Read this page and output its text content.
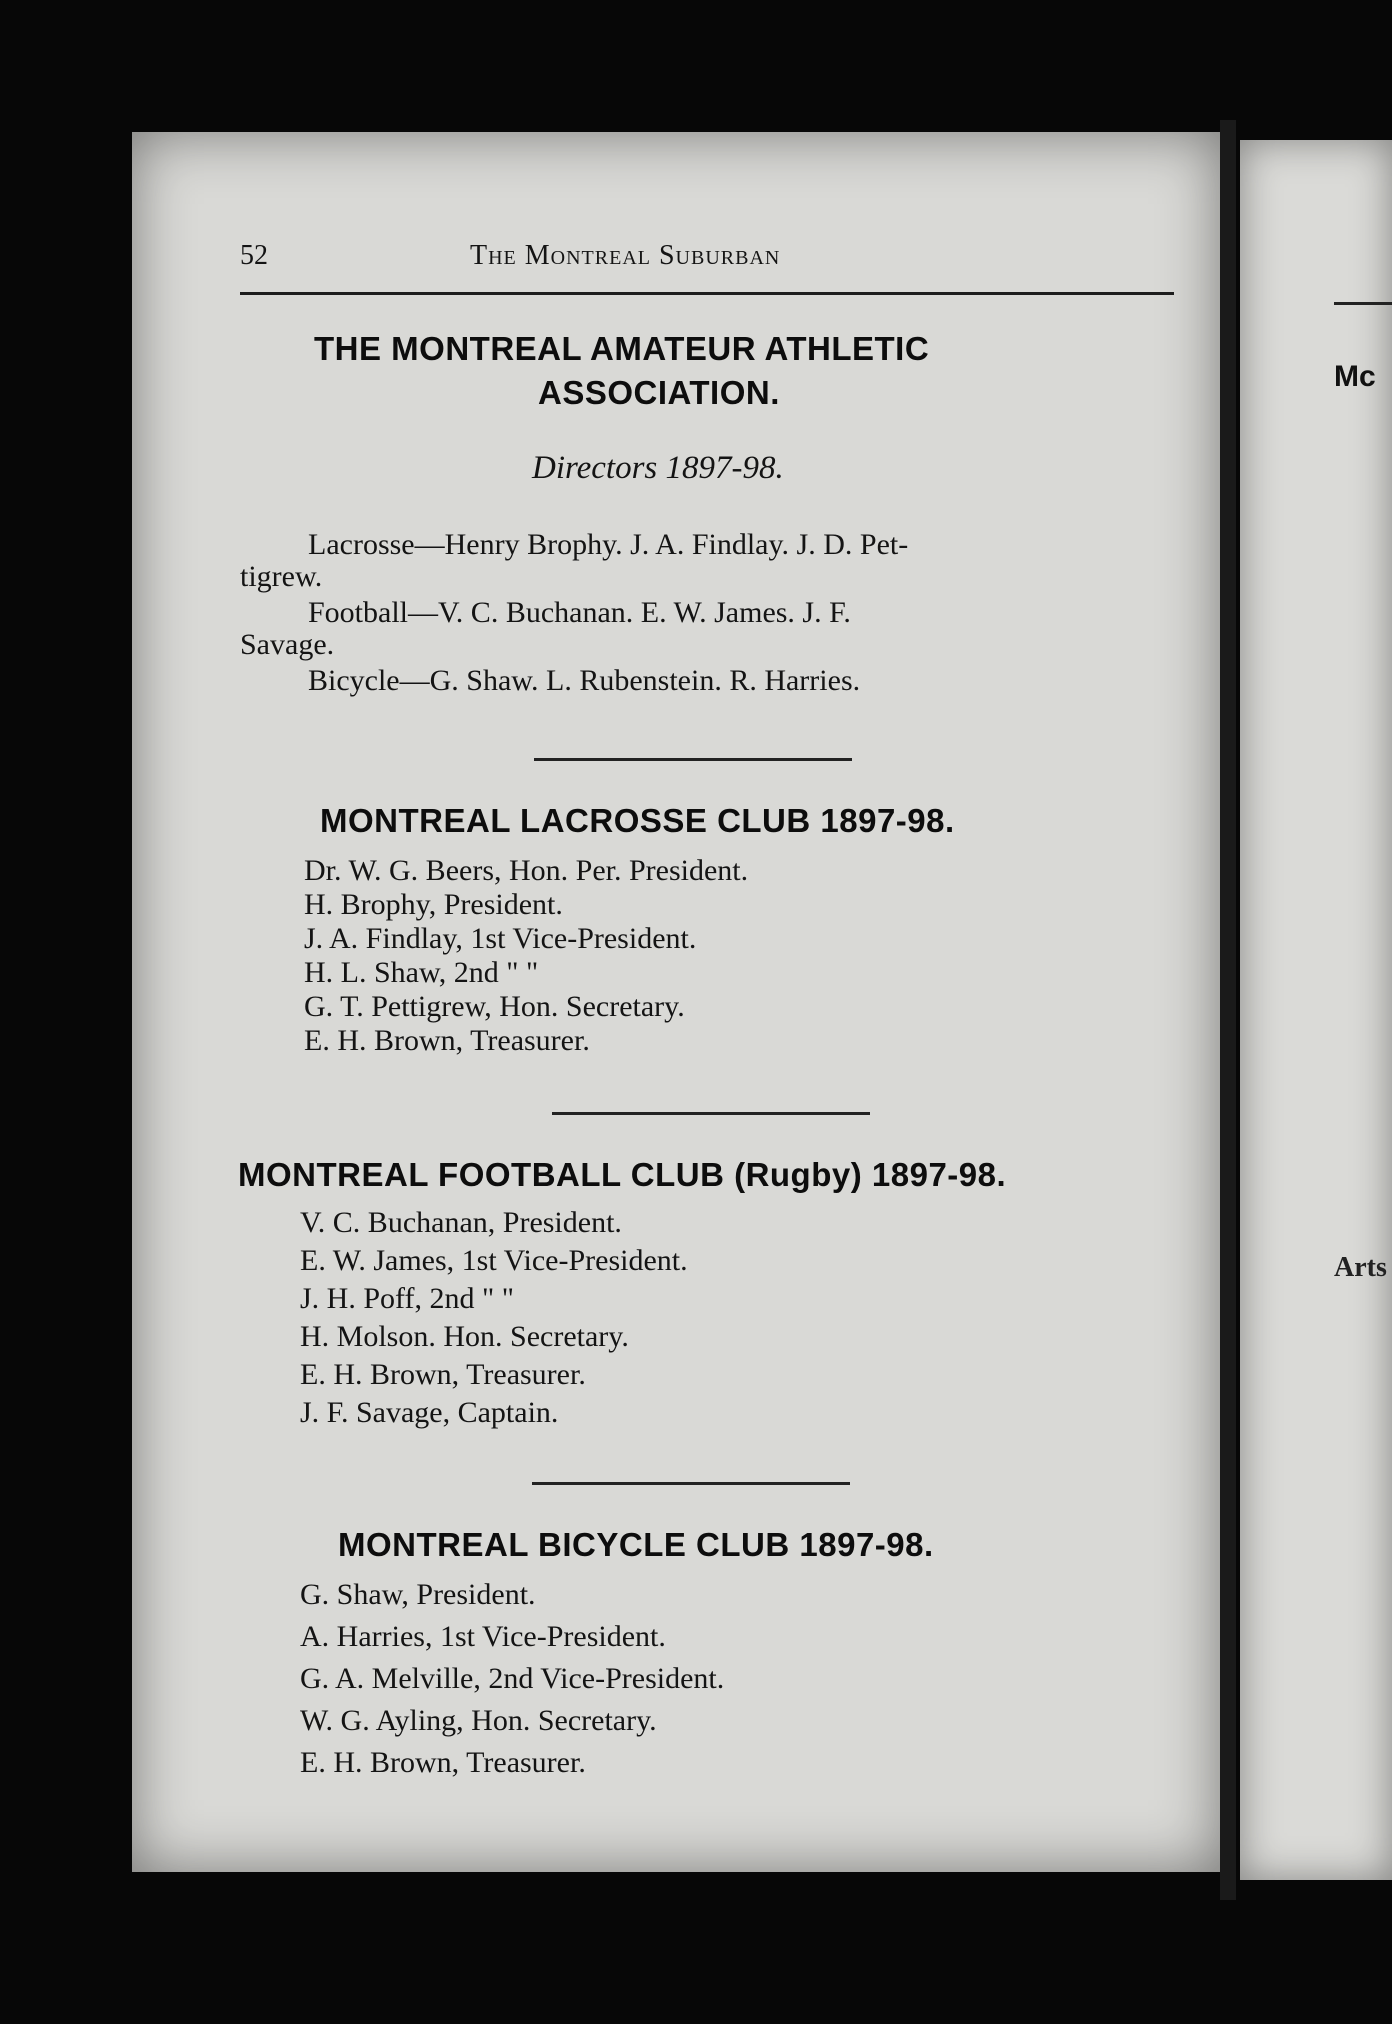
52	The Montreal Suburban
THE MONTREAL AMATEUR ATHLETIC
ASSOCIATION.
Directors 1897-98.
Lacrosse—Henry Brophy. J. A. Findlay. J. D. Pet-
tigrew.
Football—V. C. Buchanan. E. W. James. J. F.
Savage.
Bicycle—G. Shaw. L. Rubenstein. R. Harries.
MONTREAL LACROSSE CLUB 1897-98.
Dr. W. G. Beers, Hon. Per. President.
H. Brophy, President.
J. A. Findlay, 1st Vice-President.
H. L. Shaw, 2nd " "
G. T. Pettigrew, Hon. Secretary.
E. H. Brown, Treasurer.
MONTREAL FOOTBALL CLUB (Rugby) 1897-98.
V. C. Buchanan, President.
E. W. James, 1st Vice-President.
J. H. Poff, 2nd " "
H. Molson. Hon. Secretary.
E. H. Brown, Treasurer.
J. F. Savage, Captain.
MONTREAL BICYCLE CLUB 1897-98.
G. Shaw, President.
A. Harries, 1st Vice-President.
G. A. Melville, 2nd Vice-President.
W. G. Ayling, Hon. Secretary.
E. H. Brown, Treasurer.
Mc
Arts
